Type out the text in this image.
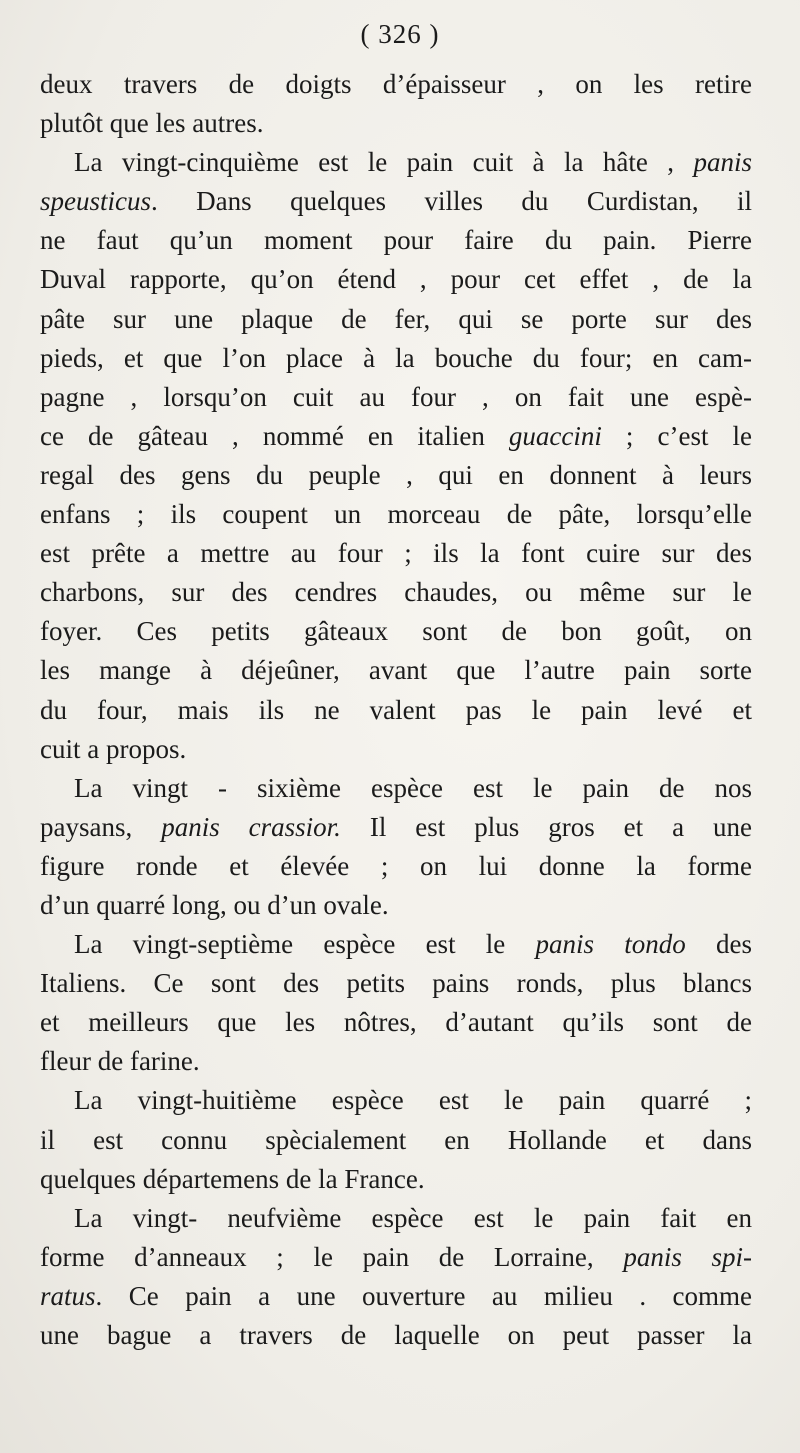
( 326 )
deux travers de doigts d’épaisseur , on les retire
plutôt que les autres.
La vingt-cinquième est le pain cuit à la hâte , panis
speusticus. Dans quelques villes du Curdistan, il
ne faut qu’un moment pour faire du pain. Pierre
Duval rapporte, qu’on étend , pour cet effet , de la
pâte sur une plaque de fer, qui se porte sur des
pieds, et que l’on place à la bouche du four; en cam-
pagne , lorsqu’on cuit au four , on fait une espè-
ce de gâteau , nommé en italien guaccini ; c’est le
regal des gens du peuple , qui en donnent à leurs
enfans ; ils coupent un morceau de pâte, lorsqu’elle
est prête a mettre au four ; ils la font cuire sur des
charbons, sur des cendres chaudes, ou même sur le
foyer. Ces petits gâteaux sont de bon goût, on
les mange à déjeûner, avant que l’autre pain sorte
du four, mais ils ne valent pas le pain levé et
cuit a propos.
La vingt - sixième espèce est le pain de nos
paysans, panis crassior. Il est plus gros et a une
figure ronde et élevée ; on lui donne la forme
d’un quarré long, ou d’un ovale.
La vingt-septième espèce est le panis tondo des
Italiens. Ce sont des petits pains ronds, plus blancs
et meilleurs que les nôtres, d’autant qu’ils sont de
fleur de farine.
La vingt-huitième espèce est le pain quarré ;
il est connu spècialement en Hollande et dans
quelques départemens de la France.
La vingt- neufvième espèce est le pain fait en
forme d’anneaux ; le pain de Lorraine, panis spi-
ratus. Ce pain a une ouverture au milieu . comme
une bague a travers de laquelle on peut passer la
